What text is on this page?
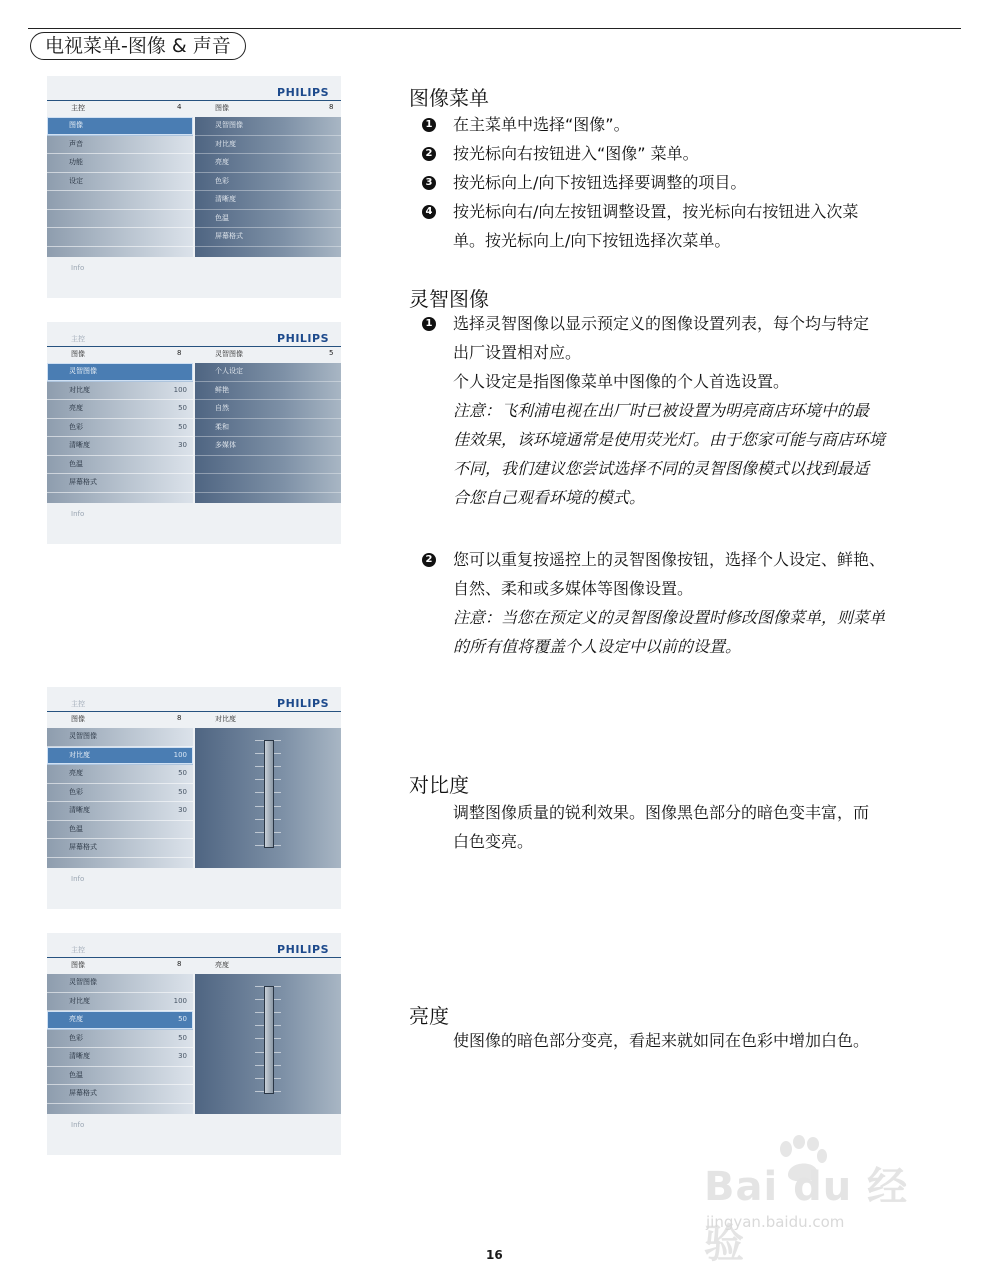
电视菜单-图像 & 声音
PHILIPS
主控	4	图像	8
图像
声音
功能
设定
灵智图像
对比度
亮度
色彩
清晰度
色温
屏幕格式
Info
主控	PHILIPS
图像	8	灵智图像	5
灵智图像
对比度	100
亮度	50
色彩	50
清晰度	30
色温
屏幕格式
个人设定
鲜艳
自然
柔和
多媒体
Info
主控	PHILIPS
图像	8	对比度
灵智图像
对比度	100
亮度	50
色彩	50
清晰度	30
色温
屏幕格式
Info
主控	PHILIPS
图像	8	亮度
灵智图像
对比度	100
亮度	50
色彩	50
清晰度	30
色温
屏幕格式
Info
图像菜单
1 在主菜单中选择“图像”。
2 按光标向右按钮进入“图像” 菜单。
3 按光标向上/向下按钮选择要调整的项目。
4 按光标向右/向左按钮调整设置，按光标向右按钮进入次菜
单。按光标向上/向下按钮选择次菜单。
灵智图像
1 选择灵智图像以显示预定义的图像设置列表，每个均与特定
出厂设置相对应。
个人设定是指图像菜单中图像的个人首选设置。
注意：飞利浦电视在出厂时已被设置为明亮商店环境中的最
佳效果，该环境通常是使用荧光灯。由于您家可能与商店环境
不同，我们建议您尝试选择不同的灵智图像模式以找到最适
合您自己观看环境的模式。
2 您可以重复按遥控上的灵智图像按钮，选择个人设定、鲜艳、
自然、柔和或多媒体等图像设置。
注意：当您在预定义的灵智图像设置时修改图像菜单，则菜单
的所有值将覆盖个人设定中以前的设置。
对比度
调整图像质量的锐利效果。图像黑色部分的暗色变丰富，而
白色变亮。
亮度
使图像的暗色部分变亮，看起来就如同在色彩中增加白色。
Bai du 经验
jingyan.baidu.com
16
